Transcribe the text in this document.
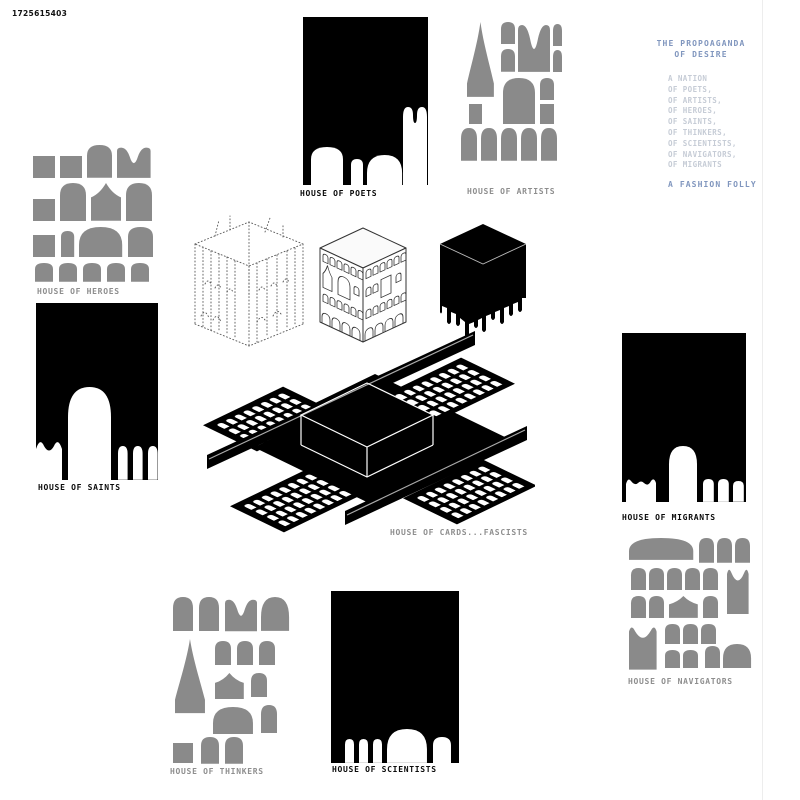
1725615403
THE PROPOAGANDA
OF DESIRE
A NATION
OF POETS,
OF ARTISTS,
OF HEROES,
OF SAINTS,
OF THINKERS,
OF SCIENTISTS,
OF NAVIGATORS,
OF MIGRANTS
A FASHION FOLLY
HOUSE OF POETS	HOUSE OF ARTISTS
HOUSE OF HEROES
HOUSE OF SAINTS
HOUSE OF CARDS...FASCISTS
HOUSE OF MIGRANTS
HOUSE OF NAVIGATORS
HOUSE OF THINKERS	HOUSE OF SCIENTISTS
